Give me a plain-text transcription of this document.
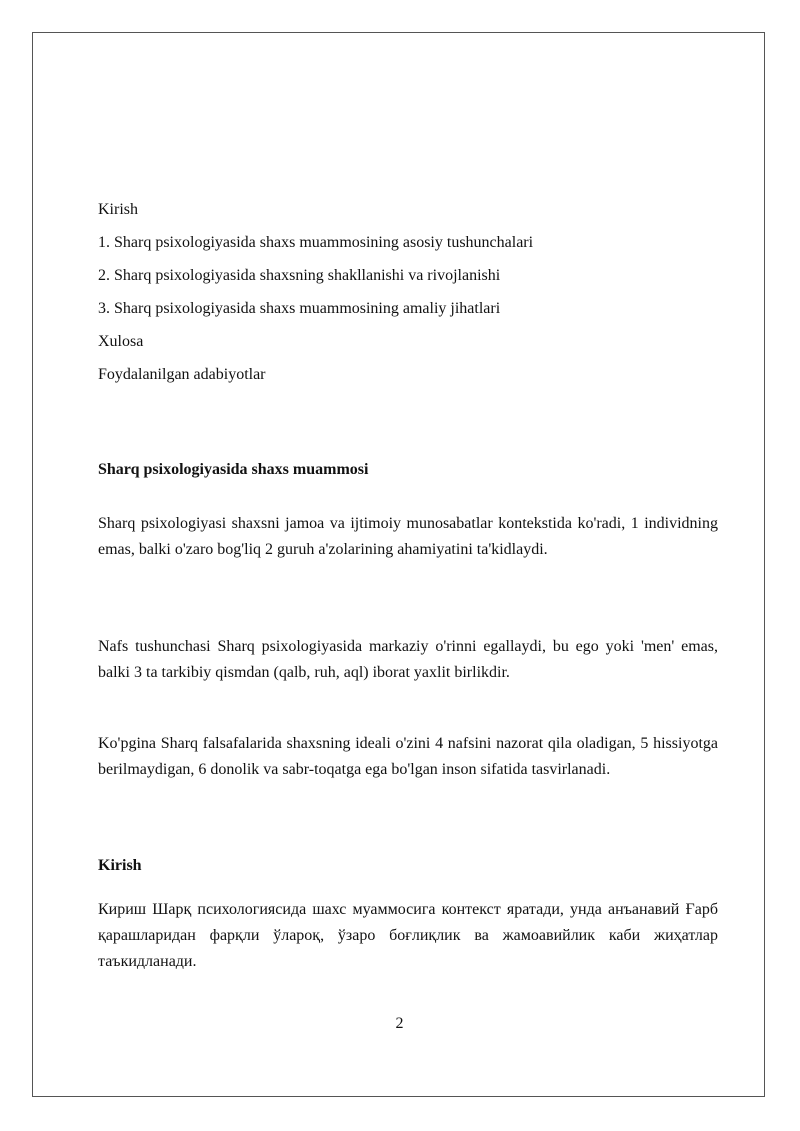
Kirish
1. Sharq psixologiyasida shaxs muammosining asosiy tushunchalari
2. Sharq psixologiyasida shaxsning shakllanishi va rivojlanishi
3. Sharq psixologiyasida shaxs muammosining amaliy jihatlari
Xulosa
Foydalanilgan adabiyotlar
Sharq psixologiyasida shaxs muammosi

Sharq psixologiyasi shaxsni jamoa va ijtimoiy munosabatlar kontekstida ko'radi, 1 individning emas, balki o'zaro bog'liq 2 guruh a'zolarining ahamiyatini ta'kidlaydi.

Nafs tushunchasi Sharq psixologiyasida markaziy o'rinni egallaydi, bu ego yoki 'men' emas, balki 3 ta tarkibiy qismdan (qalb, ruh, aql) iborat yaxlit birlikdir.

Ko'pgina Sharq falsafalarida shaxsning ideali o'zini 4 nafsini nazorat qila oladigan, 5 hissiyotga berilmaydigan, 6 donolik va sabr-toqatga ega bo'lgan inson sifatida tasvirlanadi.

Kirish

Кириш Шарқ психологиясида шахс муаммосига контекст яратади, унда анъанавий Ғарб қарашларидан фарқли ўлароқ, ўзаро боғлиқлик ва жамоавийлик каби жиҳатлар таъкидланади.

2
